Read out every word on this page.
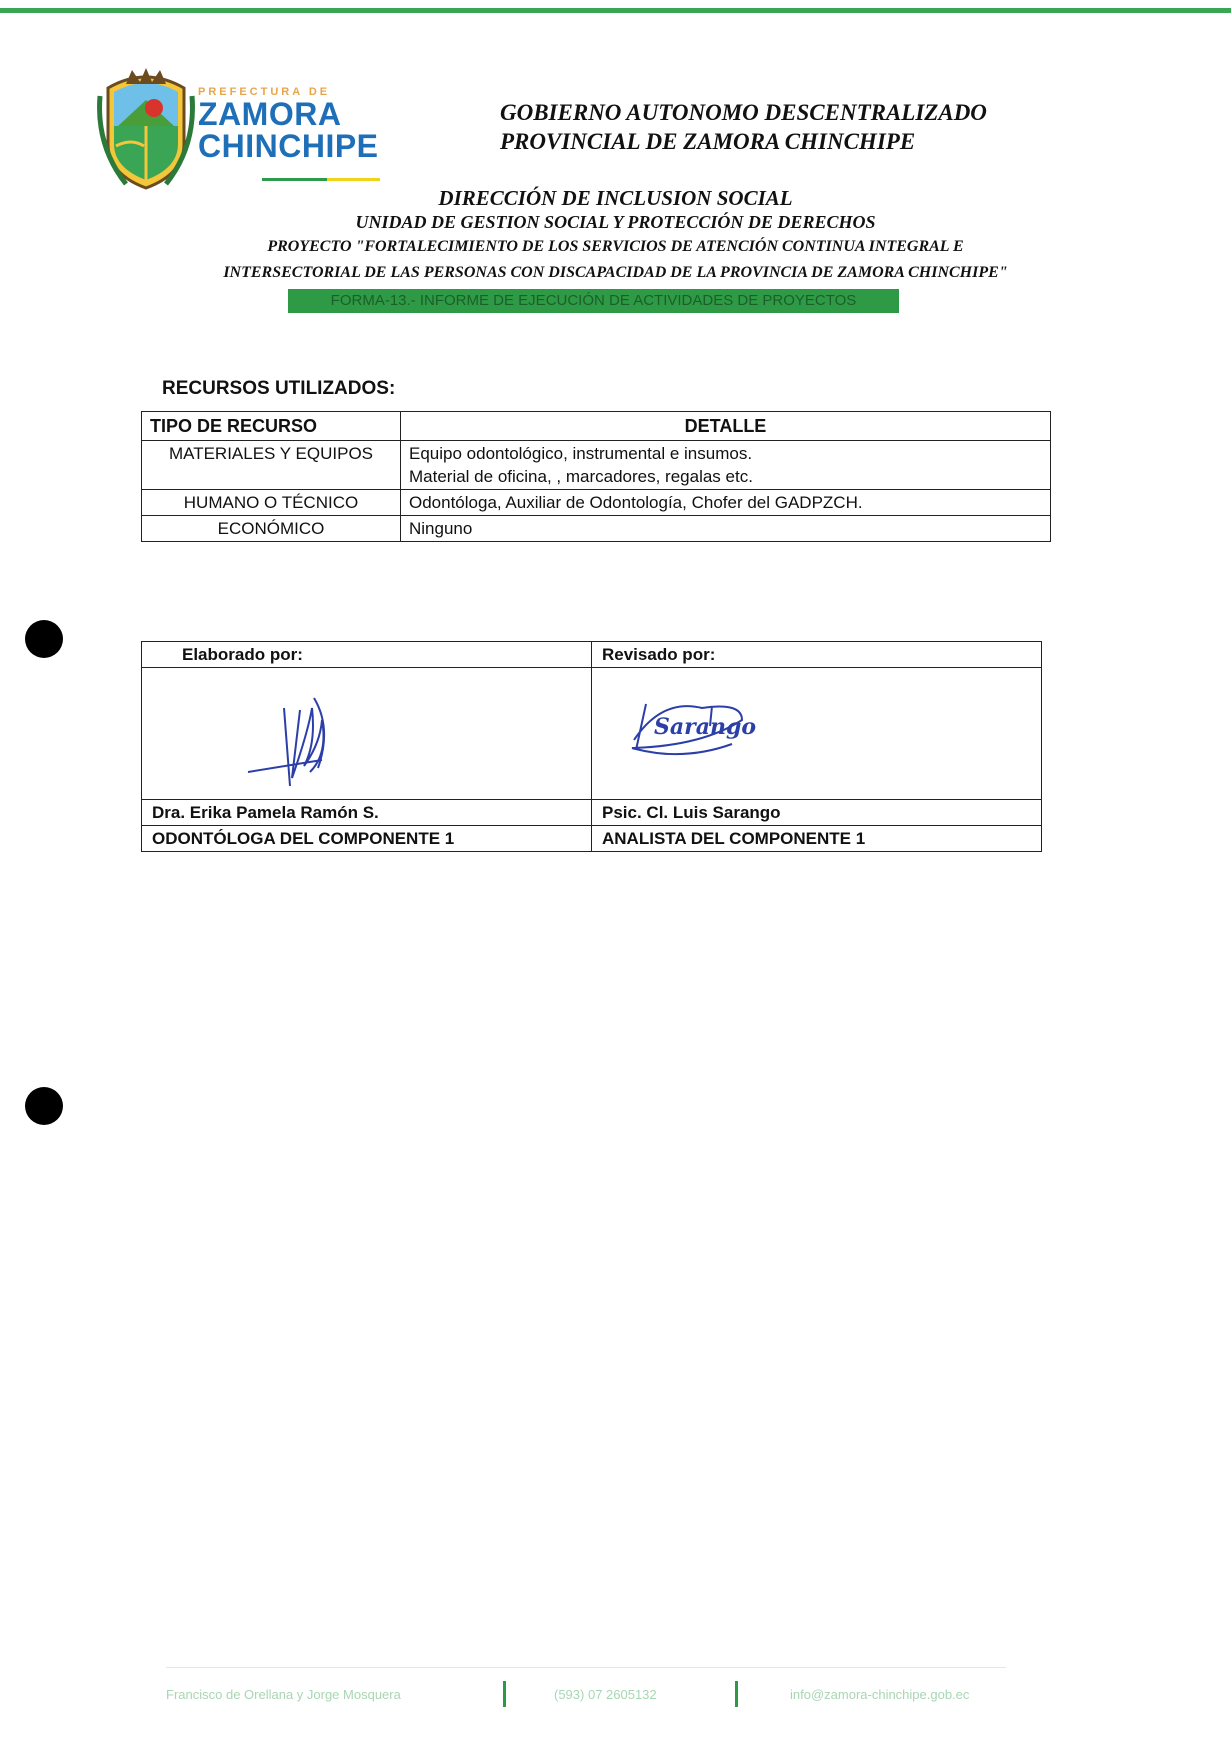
PREFECTURA DE
ZAMORA
CHINCHIPE
GOBIERNO AUTONOMO DESCENTRALIZADO
PROVINCIAL DE ZAMORA CHINCHIPE
DIRECCIÓN DE INCLUSION SOCIAL
UNIDAD DE GESTION SOCIAL Y PROTECCIÓN DE DERECHOS
PROYECTO "FORTALECIMIENTO DE LOS SERVICIOS DE ATENCIÓN CONTINUA INTEGRAL E
INTERSECTORIAL DE LAS PERSONAS CON DISCAPACIDAD DE LA PROVINCIA DE ZAMORA CHINCHIPE"
FORMA-13.- INFORME DE EJECUCIÓN DE ACTIVIDADES DE PROYECTOS
RECURSOS UTILIZADOS:
TIPO DE RECURSO	DETALLE
MATERIALES Y EQUIPOS	Equipo odontológico, instrumental e insumos.
Material de oficina, , marcadores, regalas etc.

HUMANO O TÉCNICO	Odontóloga, Auxiliar de Odontología, Chofer del GADPZCH.
ECONÓMICO	Ninguno
Elaborado por:	Revisado por:

Sarango

Dra. Erika Pamela Ramón S.	Psic. Cl. Luis Sarango
ODONTÓLOGA DEL COMPONENTE 1	ANALISTA DEL COMPONENTE 1
Francisco de Orellana y Jorge Mosquera	(593) 07 2605132	info@zamora-chinchipe.gob.ec
